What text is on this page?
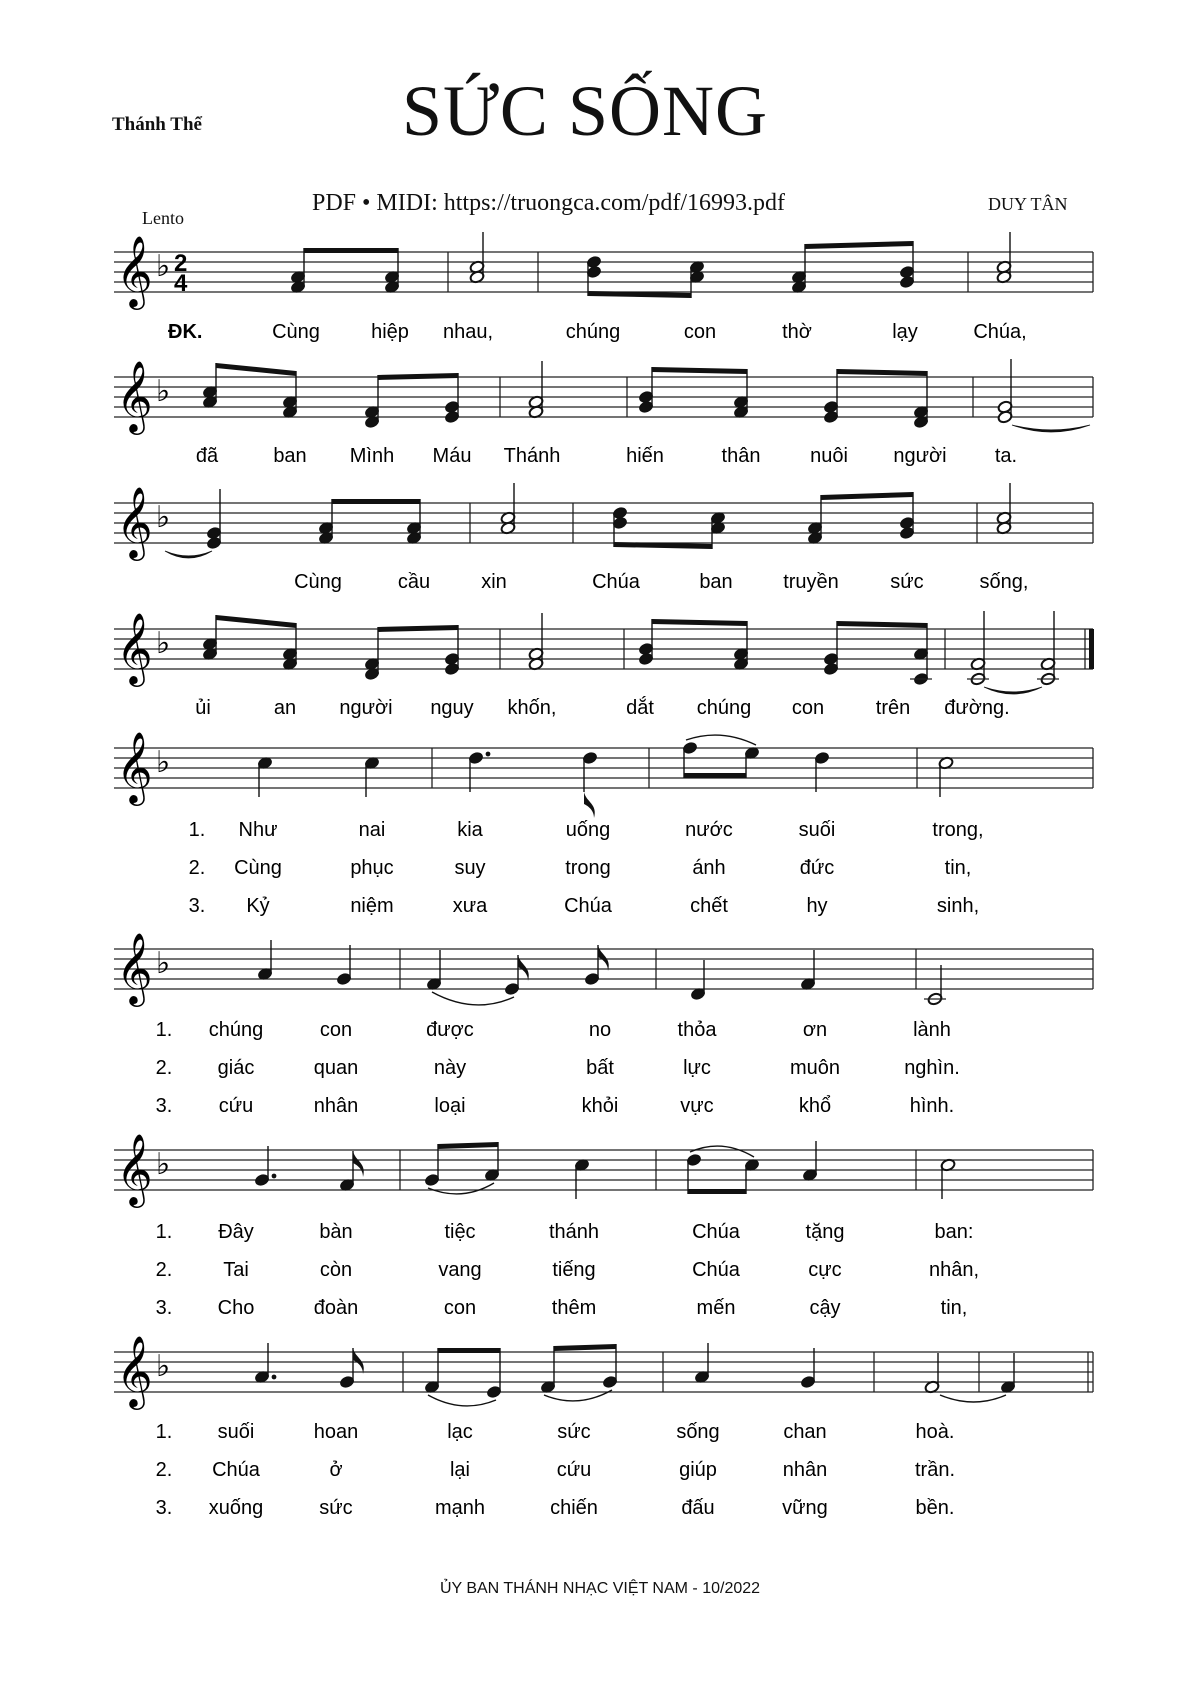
Thánh Thể	SỨC SỐNG
PDF • MIDI: https://truongca.com/pdf/16993.pdf	DUY TÂN
Lento
𝄞 ♭ 2
4
𝄞 ♭
𝄞 ♭
𝄞 ♭
𝄞 ♭
𝄞 ♭
𝄞 ♭
𝄞 ♭
ĐK.	Cùng	hiệp nhau,	chúng	con	thờ	lạy	Chúa,
đã	ban Mình Máu Thánh	hiến	thân nuôi người ta.
Cùng	cầu	xin	Chúa	ban	truyền	sức	sống,
ủi	an người nguy khốn,	dắt chúng con	trên đường.
1. Như	nai	kia	uống	nước	suối	trong,
2. Cùng	phục	suy	trong	ánh	đức	tin,
3. Kỷ	niệm	xưa	Chúa	chết	hy	sinh,
1. chúng	con	được	no	thỏa	ơn	lành
2. giác	quan	này	bất	lực	muôn	nghìn.
3. cứu	nhân	loại	khỏi	vực	khổ	hình.
1. Đây	bàn	tiệc	thánh	Chúa	tặng	ban:
2.	Tai	còn	vang	tiếng	Chúa	cực	nhân,
3. Cho	đoàn	con	thêm	mến	cậy	tin,
1. suối	hoan	lạc	sức	sống	chan	hoà.
2. Chúa	ở	lại	cứu	giúp	nhân	trần.
3. xuống	sức	mạnh	chiến	đấu	vững	bền.
ỦY BAN THÁNH NHẠC VIỆT NAM - 10/2022
